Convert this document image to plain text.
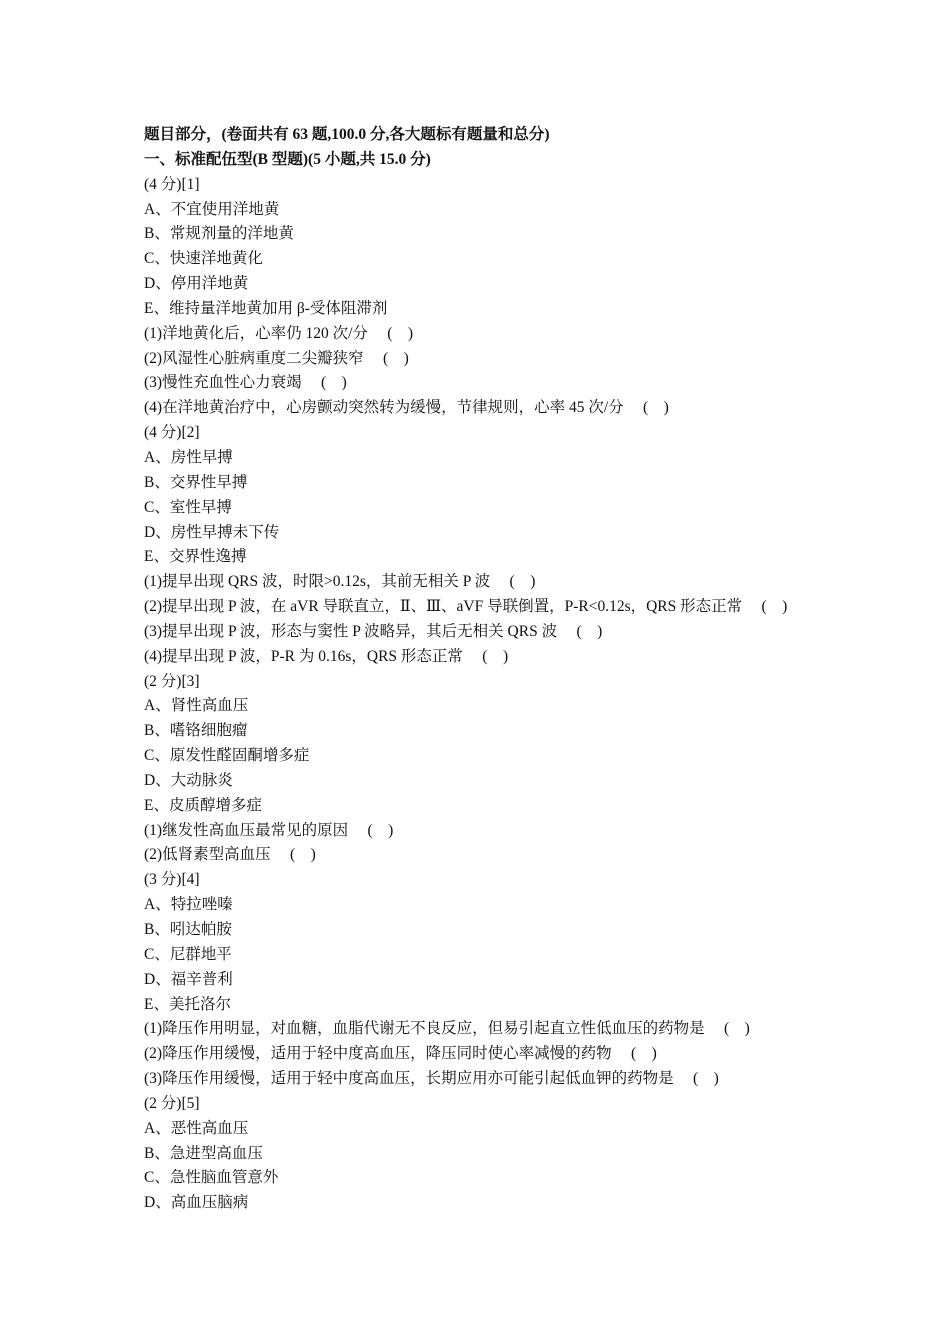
题目部分，(卷面共有 63 题,100.0 分,各大题标有题量和总分)
一、标准配伍型(B 型题)(5 小题,共 15.0 分)
(4 分)[1]
A、不宜使用洋地黄
B、常规剂量的洋地黄
C、快速洋地黄化
D、停用洋地黄
E、维持量洋地黄加用 β-受体阻滞剂
(1)洋地黄化后，心率仍 120 次/分　 (　)
(2)风湿性心脏病重度二尖瓣狭窄　 (　)
(3)慢性充血性心力衰竭　 (　)
(4)在洋地黄治疗中，心房颤动突然转为缓慢，节律规则，心率 45 次/分　 (　)
(4 分)[2]
A、房性早搏
B、交界性早搏
C、室性早搏
D、房性早搏未下传
E、交界性逸搏
(1)提早出现 QRS 波，时限>0.12s，其前无相关 P 波　 (　)
(2)提早出现 P 波，在 aVR 导联直立，Ⅱ、Ⅲ、aVF 导联倒置，P-R<0.12s，QRS 形态正常　 (　)
(3)提早出现 P 波，形态与窦性 P 波略异，其后无相关 QRS 波　 (　)
(4)提早出现 P 波，P-R 为 0.16s，QRS 形态正常　 (　)
(2 分)[3]
A、肾性高血压
B、嗜铬细胞瘤
C、原发性醛固酮增多症
D、大动脉炎
E、皮质醇增多症
(1)继发性高血压最常见的原因　 (　)
(2)低肾素型高血压　 (　)
(3 分)[4]
A、特拉唑嗪
B、吲达帕胺
C、尼群地平
D、福辛普利
E、美托洛尔
(1)降压作用明显，对血糖，血脂代谢无不良反应，但易引起直立性低血压的药物是　 (　)
(2)降压作用缓慢，适用于轻中度高血压，降压同时使心率减慢的药物　 (　)
(3)降压作用缓慢，适用于轻中度高血压，长期应用亦可能引起低血钾的药物是　 (　)
(2 分)[5]
A、恶性高血压
B、急进型高血压
C、急性脑血管意外
D、高血压脑病
